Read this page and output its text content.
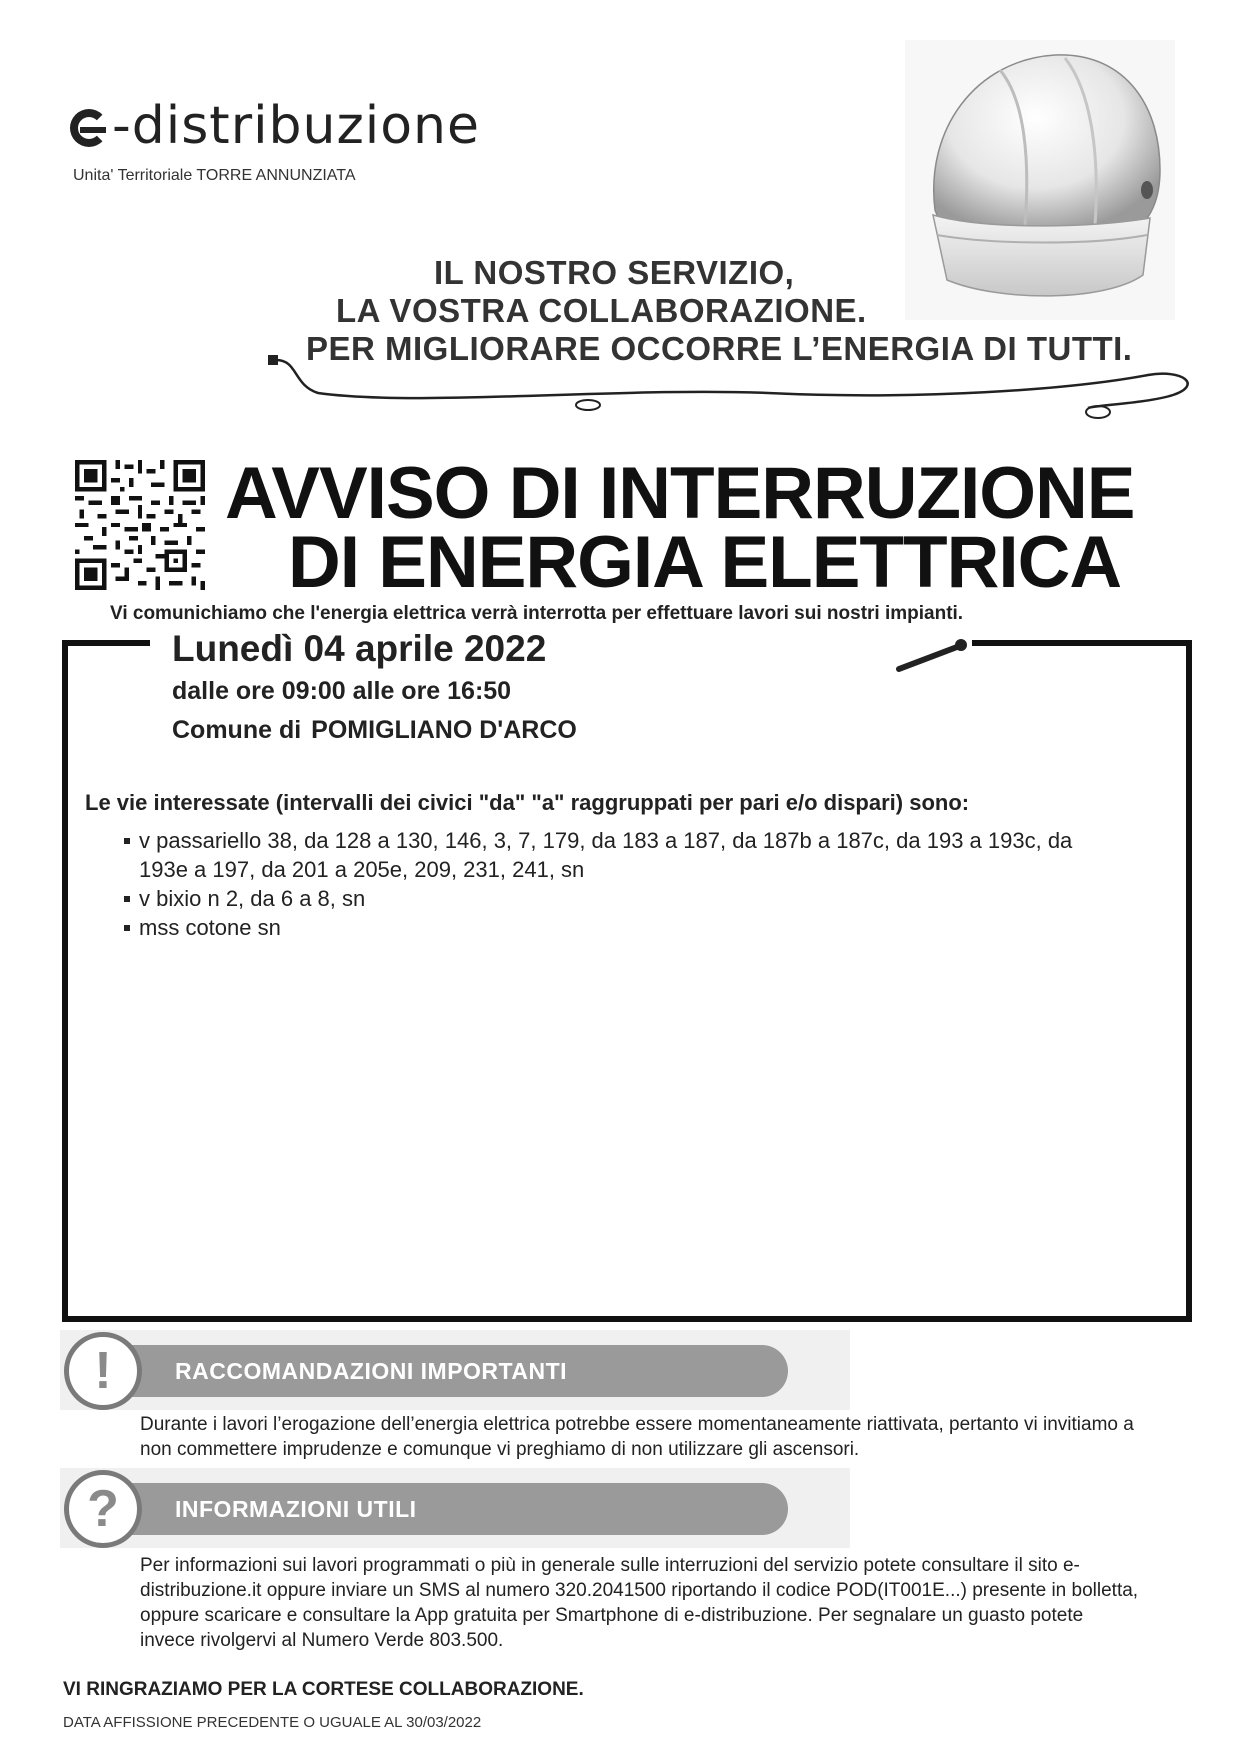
-distribuzione
Unita' Territoriale TORRE ANNUNZIATA
IL NOSTRO SERVIZIO,
LA VOSTRA COLLABORAZIONE.
PER MIGLIORARE OCCORRE L’ENERGIA DI TUTTI.
AVVISO DI INTERRUZIONE
DI ENERGIA ELETTRICA
Vi comunichiamo che l'energia elettrica verrà interrotta per effettuare lavori sui nostri impianti.
Lunedì 04 aprile 2022
dalle ore 09:00 alle ore 16:50
Comune di POMIGLIANO D'ARCO
Le vie interessate (intervalli dei civici "da" "a" raggruppati per pari e/o dispari) sono:
v passariello 38, da 128 a 130, 146, 3, 7, 179, da 183 a 187, da 187b a 187c, da 193 a 193c, da 193e a 197, da 201 a 205e, 209, 231, 241, sn
v bixio n 2, da 6 a 8, sn
mss cotone sn
RACCOMANDAZIONI IMPORTANTI
!

Durante i lavori l’erogazione dell’energia elettrica potrebbe essere momentaneamente riattivata, pertanto vi invitiamo a non commettere imprudenze e comunque vi preghiamo di non utilizzare gli ascensori.

INFORMAZIONI UTILI
?

Per informazioni sui lavori programmati o più in generale sulle interruzioni del servizio potete consultare il sito e-distribuzione.it oppure inviare un SMS al numero 320.2041500 riportando il codice POD(IT001E...) presente in bolletta, oppure scaricare e consultare la App gratuita per Smartphone di e-distribuzione. Per segnalare un guasto potete invece rivolgervi al Numero Verde 803.500.

VI RINGRAZIAMO PER LA CORTESE COLLABORAZIONE.
DATA AFFISSIONE PRECEDENTE O UGUALE AL 30/03/2022
